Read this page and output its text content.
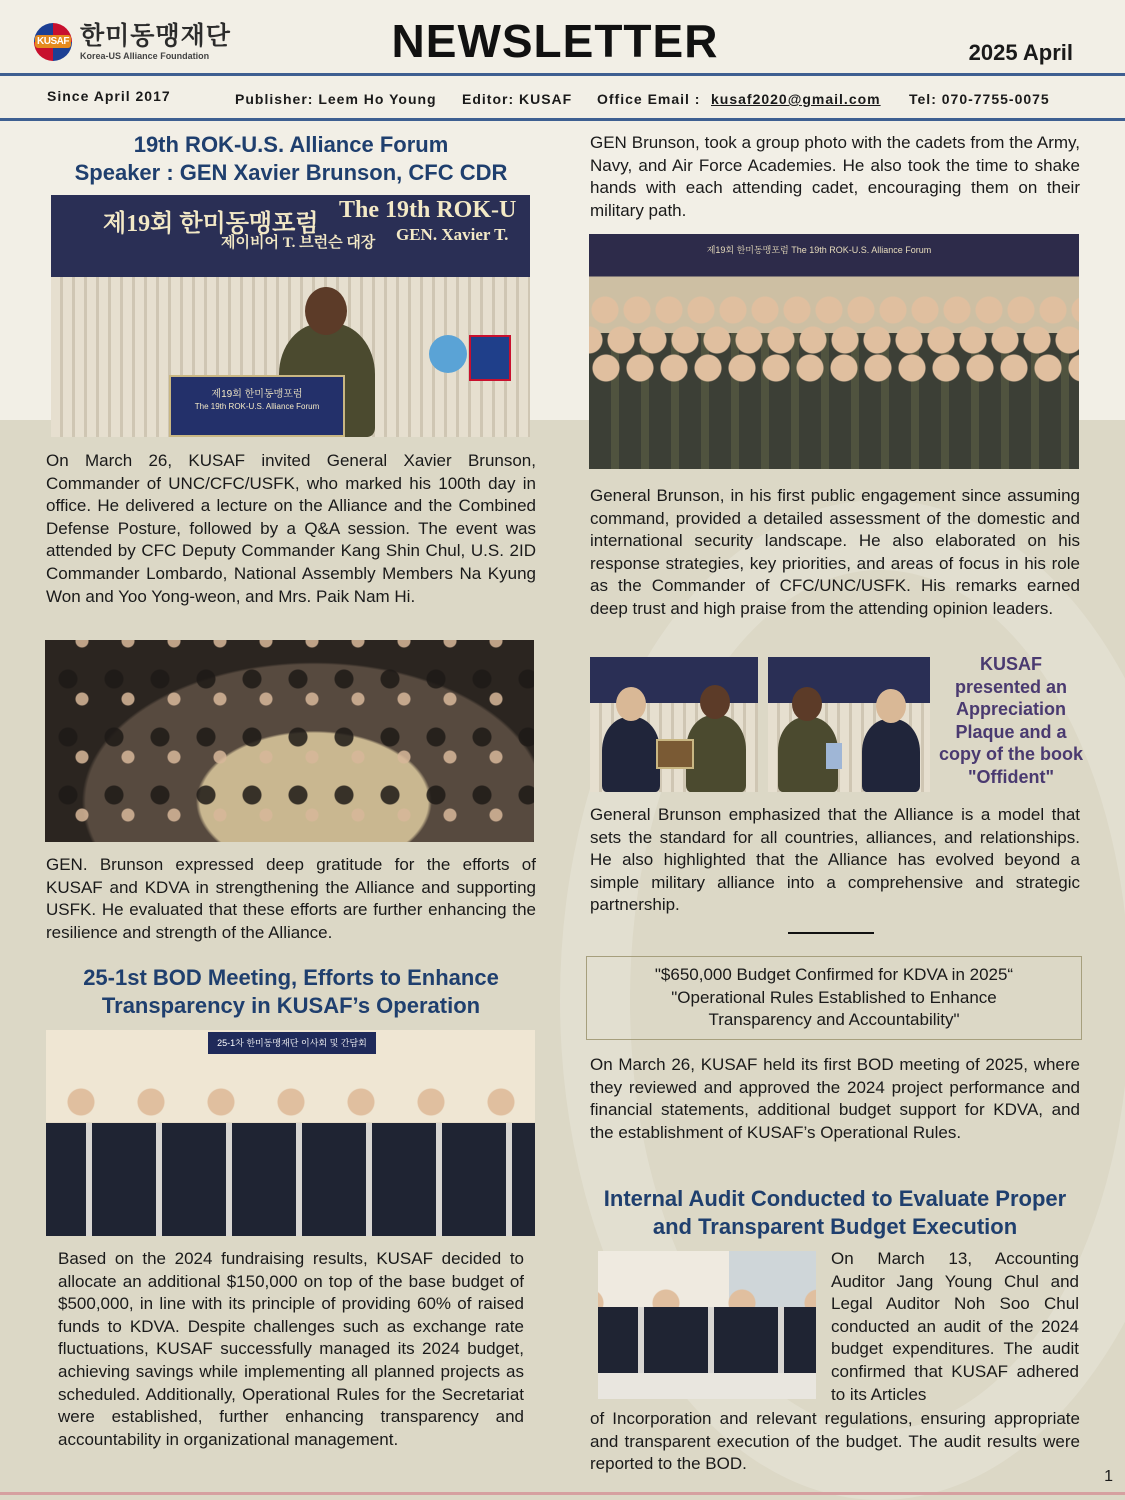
KUSAF 한미동맹재단
Korea-US Alliance Foundation	NEWSLETTER	2025 April
Since April 2017	Publisher: Leem Ho Young Editor: KUSAF Office Email : kusaf2020@gmail.com Tel: 070-7755-0075
19th ROK-U.S. Alliance Forum
Speaker : GEN Xavier Brunson, CFC CDR
제19회 한미동맹포럼
The 19th ROK-U
제이비어 T. 브런슨 대장 GEN. Xavier T.
제19회 한미동맹포럼
The 19th ROK-U.S. Alliance Forum
On March 26, KUSAF invited General Xavier Brunson, Commander of UNC/CFC/USFK, who marked his 100th day in office. He delivered a lecture on the Alliance and the Combined Defense Posture, followed by a Q&A session. The event was attended by CFC Deputy Commander Kang Shin Chul, U.S. 2ID Commander Lombardo, National Assembly Members Na Kyung Won and Yoo Yong-weon, and Mrs. Paik Nam Hi.
GEN. Brunson expressed deep gratitude for the efforts of KUSAF and KDVA in strengthening the Alliance and supporting USFK. He evaluated that these efforts are further enhancing the resilience and strength of the Alliance.
25-1st BOD Meeting, Efforts to Enhance
Transparency in KUSAF’s Operation
25-1차 한미동맹재단 이사회 및 간담회
Based on the 2024 fundraising results, KUSAF decided to allocate an additional $150,000 on top of the base budget of $500,000, in line with its principle of providing 60% of raised funds to KDVA. Despite challenges such as exchange rate fluctuations, KUSAF successfully managed its 2024 budget, achieving savings while implementing all planned projects as scheduled. Additionally, Operational Rules for the Secretariat were established, further enhancing transparency and accountability in organizational management.
GEN Brunson, took a group photo with the cadets from the Army, Navy, and Air Force Academies. He also took the time to shake hands with each attending cadet, encouraging them on their military path.
제19회 한미동맹포럼 The 19th ROK-U.S. Alliance Forum
General Brunson, in his first public engagement since assuming command, provided a detailed assessment of the domestic and international security landscape. He also elaborated on his response strategies, key priorities, and areas of focus in his role as the Commander of CFC/UNC/USFK. His remarks earned deep trust and high praise from the attending opinion leaders.
KUSAF presented an Appreciation Plaque and a copy of the book "Offident"
General Brunson emphasized that the Alliance is a model that sets the standard for all countries, alliances, and relationships. He also highlighted that the Alliance has evolved beyond a simple military alliance into a comprehensive and strategic partnership.
"$650,000 Budget Confirmed for KDVA in 2025“
"Operational Rules Established to Enhance
Transparency and Accountability"
On March 26, KUSAF held its first BOD meeting of 2025, where they reviewed and approved the 2024 project performance and financial statements, additional budget support for KDVA, and the establishment of KUSAF’s Operational Rules.
Internal Audit Conducted to Evaluate Proper
and Transparent Budget Execution
On March 13, Accounting Auditor Jang Young Chul and Legal Auditor Noh Soo Chul conducted an audit of the 2024 budget expenditures. The audit confirmed that KUSAF adhered to its Articles
of Incorporation and relevant regulations, ensuring appropriate and transparent execution of the budget. The audit results were reported to the BOD.
1
